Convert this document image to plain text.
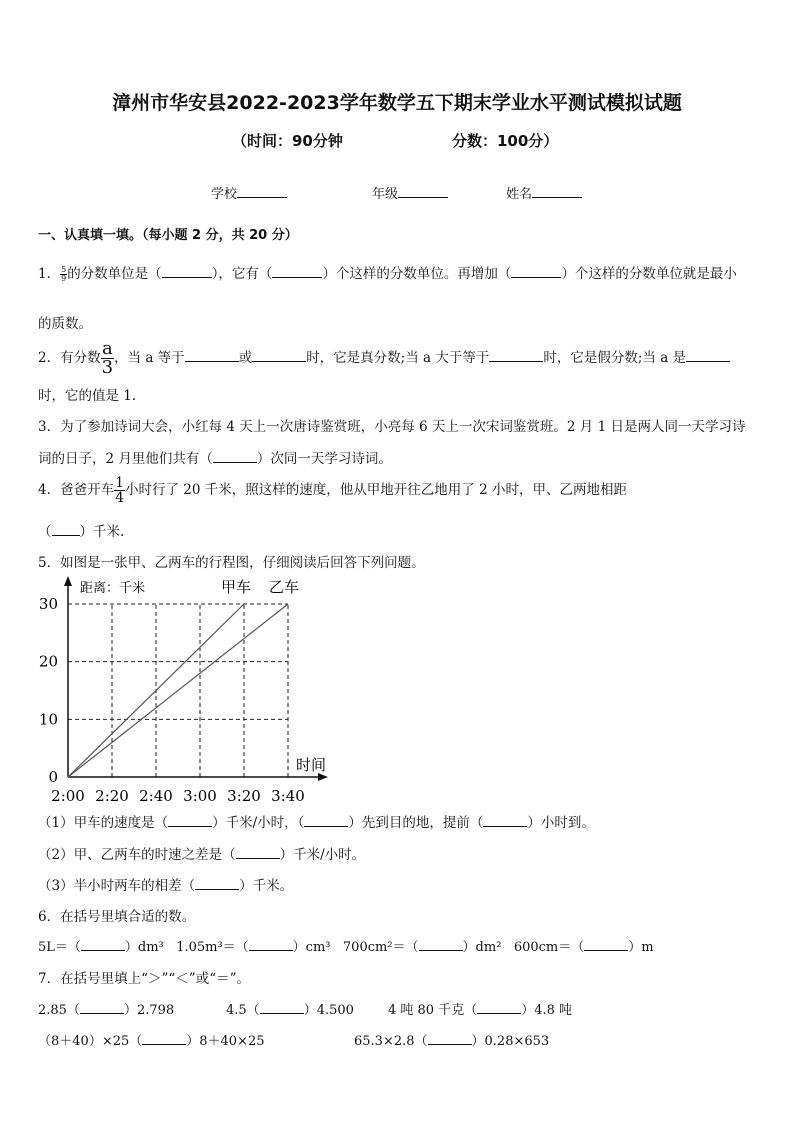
漳州市华安县2022-2023学年数学五下期末学业水平测试模拟试题
（时间：90分钟	分数：100分）
学校	年级	姓名
一、认真填一填。（每小题 2 分，共 20 分）
1． $\frac{5}{9}$ 的分数单位是（	），它有（	）个这样的分数单位。再增加（	）个这样的分数单位就是最小
的质数。
2．有分数 $\frac{a}{3}$ ，当 a 等于	或	时，它是真分数;当 a 大于等于	时，它是假分数;当 a 是
时，它的值是 1．
3．为了参加诗词大会，小红每 4 天上一次唐诗鉴赏班，小亮每 6 天上一次宋词鉴赏班。2 月 1 日是两人同一天学习诗
词的日子，2 月里他们共有（	）次同一天学习诗词。
4．爸爸开车 $\frac{1}{4}$ 小时行了 20 千米，照这样的速度，他从甲地开往乙地用了 2 小时，甲、乙两地相距
（ ）千米.
5．如图是一张甲、乙两车的行程图，仔细阅读后回答下列问题。
距离：千米
时间
0
10
20
30
2:00 2:20 2:40 3:00 3:20 3:40
甲车 乙车
（1）甲车的速度是（	）千米/小时，（	）先到目的地，提前（	）小时到。
（2）甲、乙两车的时速之差是（	）千米/小时。
（3）半小时两车的相差（	）千米。
6．在括号里填合适的数。
5L＝（	）dm³ 1.05m³＝（	）cm³ 700cm²＝（	）dm² 600cm＝（	）m
7．在括号里填上“＞”“＜”或“＝”。
2.85（	）2.798	4.5（	）4.500	4 吨 80 千克（	）4.8 吨
（8＋40）×25（	）8＋40×25	65.3×2.8（	）0.28×653
